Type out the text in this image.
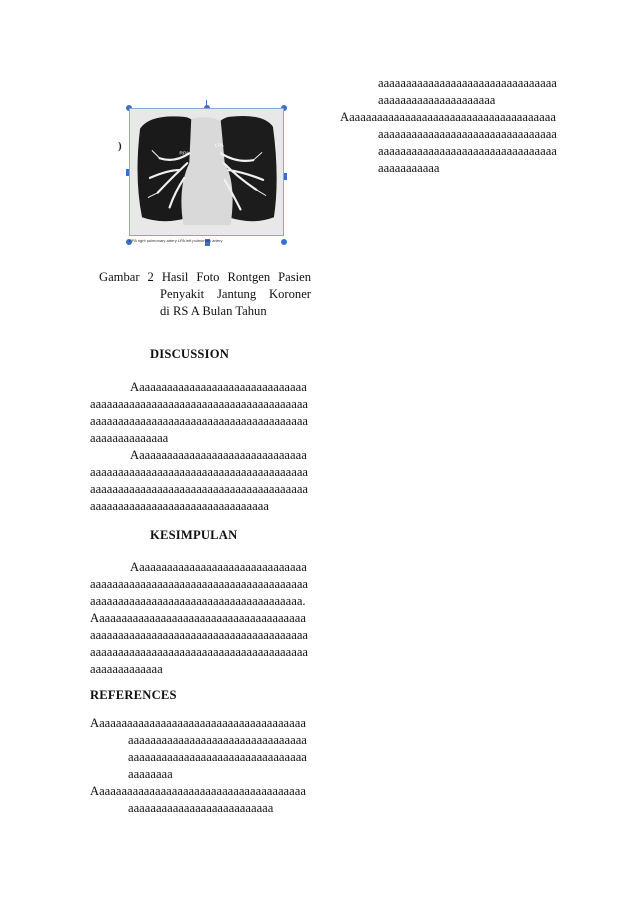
aaaaaaaaaaaaaaaaaaaaaaaaaaaaaaaaaaaaaaaaaaaaaaaaaaaaa
Aaaaaaaaaaaaaaaaaaaaaaaaaaaaaaaaaaaaaaaaaaaaaaaaaaaaaaaaaaaaaaaaaaaaaaaaaaaaaaaaaaaaaaaaaaaaaaaaaaaaaaaaaaaaaaaaa
)
RPA
LPA
RPA right pulmonary artery LPA left pulmonary artery
Gambar 2 Hasil Foto Rontgen Pasien
Penyakit Jantung Koroner
di RS A Bulan Tahun
DISCUSSION

Aaaaaaaaaaaaaaaaaaaaaaaaaaaaaaaaaaaaaaaaaaaaaaaaaaaaaaaaaaaaaaaaaaaaaaaaaaaaaaaaaaaaaaaaaaaaaaaaaaaaaaaaaaaaaaaaaaaaaaaaaaa

Aaaaaaaaaaaaaaaaaaaaaaaaaaaaaaaaaaaaaaaaaaaaaaaaaaaaaaaaaaaaaaaaaaaaaaaaaaaaaaaaaaaaaaaaaaaaaaaaaaaaaaaaaaaaaaaaaaaaaaaaaaaaaaaaaaaaaaaaaaaaa

KESIMPULAN

Aaaaaaaaaaaaaaaaaaaaaaaaaaaaaaaaaaaaaaaaaaaaaaaaaaaaaaaaaaaaaaaaaaaaaaaaaaaaaaaaaaaaaaaaaaaaaaaaaaaaaaaaaaaa.Aaaaaaaaaaaaaaaaaaaaaaaaaaaaaaaaaaaaaaaaaaaaaaaaaaaaaaaaaaaaaaaaaaaaaaaaaaaaaaaaaaaaaaaaaaaaaaaaaaaaaaaaaaaaaaaaaaaaaaaaaaaaaaaaa

REFERENCES
Aaaaaaaaaaaaaaaaaaaaaaaaaaaaaaaaaaaaaaaaaaaaaaaaaaaaaaaaaaaaaaaaaaaaaaaaaaaaaaaaaaaaaaaaaaaaaaaaaaaaaaaaaaaaaa
Aaaaaaaaaaaaaaaaaaaaaaaaaaaaaaaaaaaaaaaaaaaaaaaaaaaaaaaaaaaaaaaa
